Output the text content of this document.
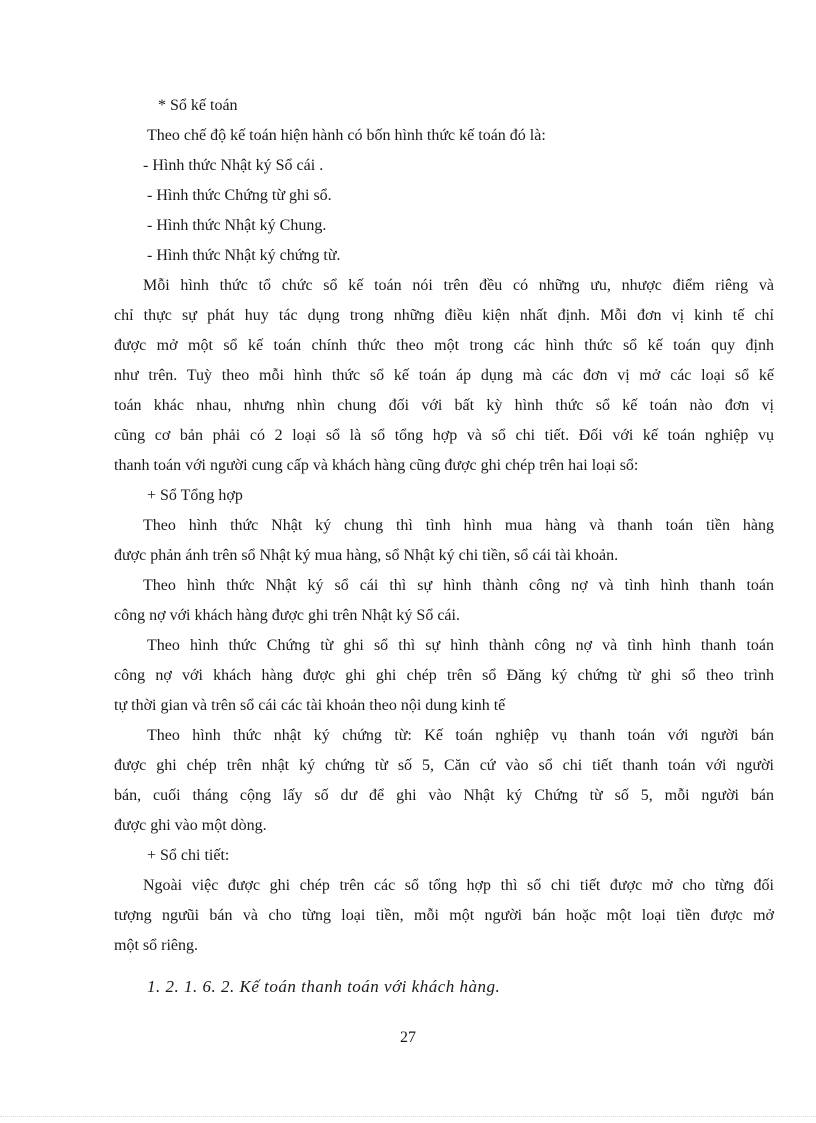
* Sổ kế toán
Theo chế độ kế toán hiện hành có bốn hình thức kế toán đó là:
- Hình thức Nhật ký Sổ cái .
- Hình thức Chứng từ ghi sổ.
- Hình thức Nhật ký Chung.
- Hình thức Nhật ký chứng từ.
Mỗi hình thức tổ chức sổ kế toán nói trên đều có những ưu, nhược điểm riêng và
chỉ thực sự phát huy tác dụng trong những điều kiện nhất định. Mỗi đơn vị kinh tế chỉ
được mở một sổ kế toán chính thức theo một trong các hình thức sổ kế toán quy định
như trên. Tuỳ theo mỗi hình thức sổ kế toán áp dụng mà các đơn vị mở các loại sổ kế
toán khác nhau, nhưng nhìn chung đối với bất kỳ hình thức sổ kế toán nào đơn vị
cũng cơ bản phải có 2 loại sổ là sổ tổng hợp và sổ chi tiết. Đối với kế toán nghiệp vụ
thanh toán với người cung cấp và khách hàng cũng được ghi chép trên hai loại sổ:
+ Sổ Tổng hợp
Theo hình thức Nhật ký chung thì tình hình mua hàng và thanh toán tiền hàng
được phản ánh trên sổ Nhật ký mua hàng, sổ Nhật ký chi tiền, sổ cái tài khoản.
Theo hình thức Nhật ký sổ cái thì sự hình thành công nợ và tình hình thanh toán
công nợ với khách hàng được ghi trên Nhật ký Sổ cái.
Theo hình thức Chứng từ ghi sổ thì sự hình thành công nợ và tình hình thanh toán
công nợ với khách hàng được ghi ghi chép trên sổ Đăng ký chứng từ ghi sổ theo trình
tự thời gian và trên sổ cái các tài khoản theo nội dung kinh tế
Theo hình thức nhật ký chứng từ: Kế toán nghiệp vụ thanh toán với người bán
được ghi chép trên nhật ký chứng từ số 5, Căn cứ vào sổ chi tiết thanh toán với người
bán, cuối tháng cộng lấy số dư để ghi vào Nhật ký Chứng từ số 5, mỗi người bán
được ghi vào một dòng.
+ Sổ chi tiết:
Ngoài việc được ghi chép trên các sổ tổng hợp thì sổ chi tiết được mở cho từng đối
tượng ngưũi bán và cho từng loại tiền, mỗi một người bán hoặc một loại tiền được mở
một sổ riêng.
1. 2. 1. 6. 2. Kế toán thanh toán với khách hàng.
27
